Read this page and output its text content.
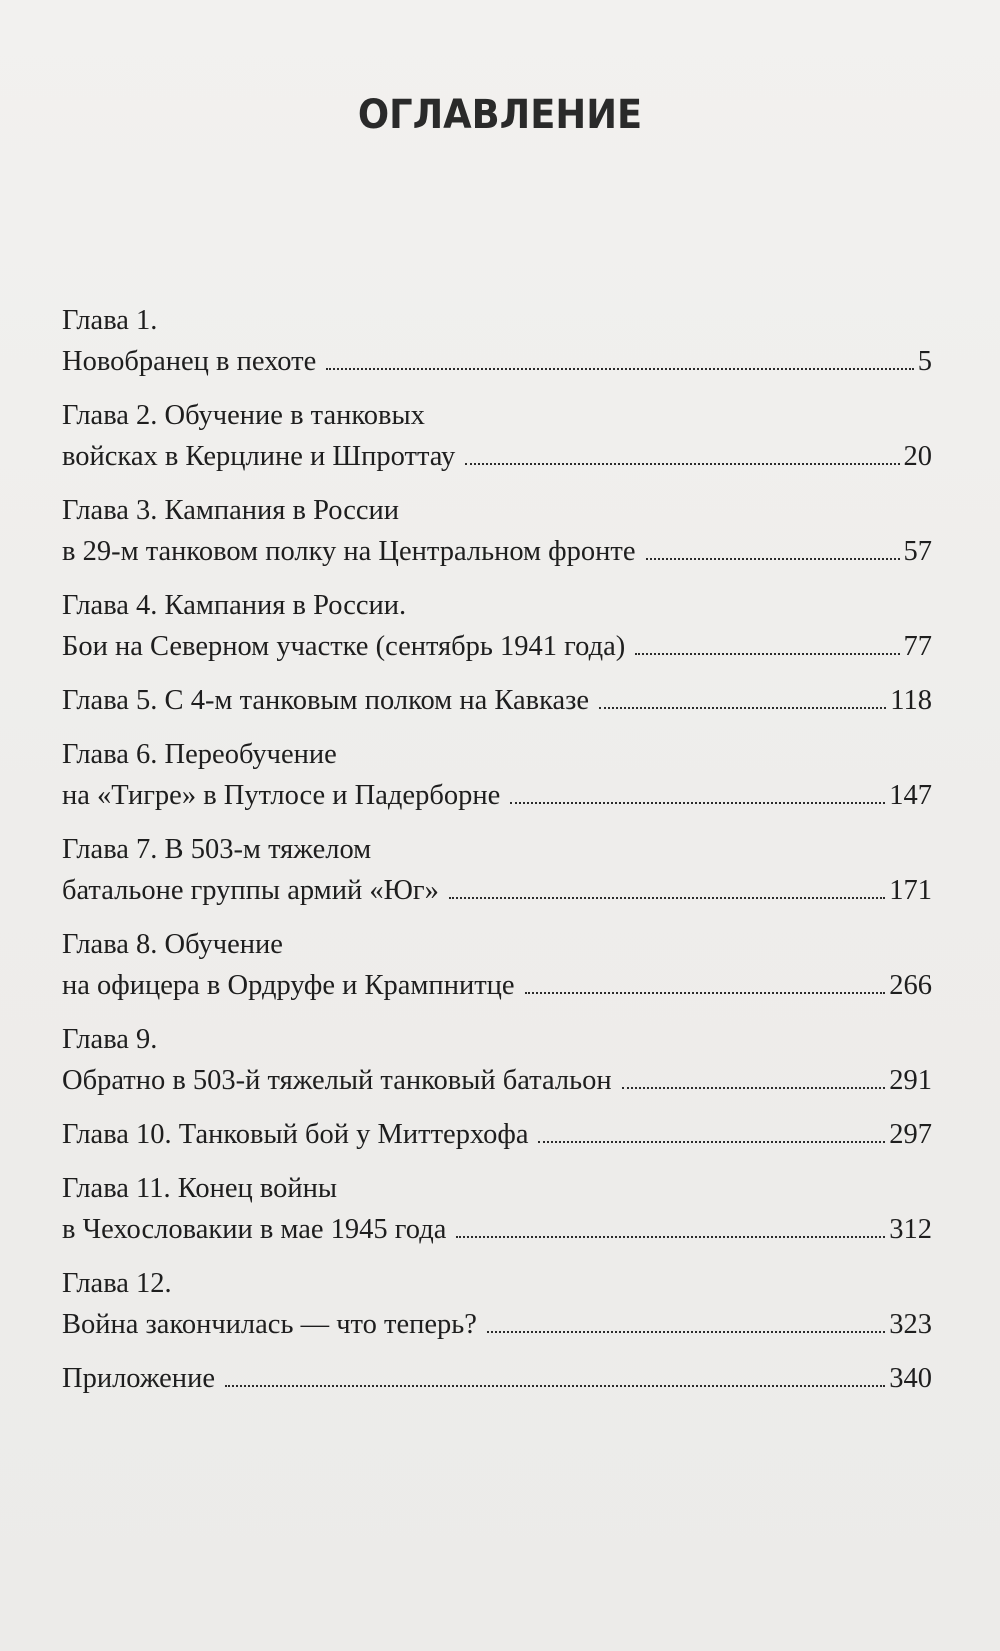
ОГЛАВЛЕНИЕ
Глава 1.
Новобранец в пехоте	5
Глава 2. Обучение в танковых
войсках в Керцлине и Шпроттау	20
Глава 3. Кампания в России
в 29-м танковом полку на Центральном фронте	57
Глава 4. Кампания в России.
Бои на Северном участке (сентябрь 1941 года)	77
Глава 5. С 4-м танковым полком на Кавказе	118
Глава 6. Переобучение
на «Тигре» в Путлосе и Падерборне	147
Глава 7. В 503-м тяжелом
батальоне группы армий «Юг»	171
Глава 8. Обучение
на офицера в Ордруфе и Крампнитце	266
Глава 9.
Обратно в 503-й тяжелый танковый батальон	291
Глава 10. Танковый бой у Миттерхофа	297
Глава 11. Конец войны
в Чехословакии в мае 1945 года	312
Глава 12.
Война закончилась — что теперь?	323
Приложение	340
